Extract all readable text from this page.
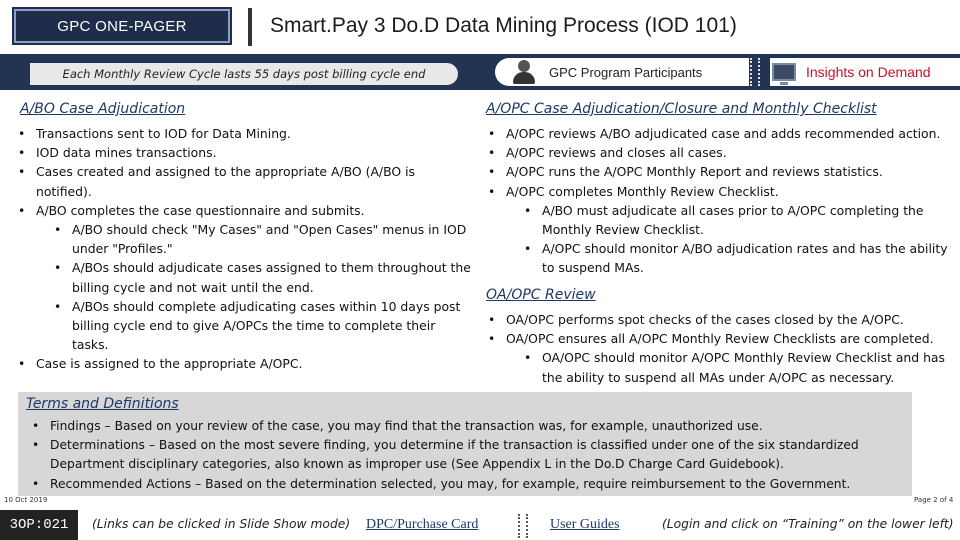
GPC ONE-PAGER	Smart.Pay 3 Do.D Data Mining Process (IOD 101)
Each Monthly Review Cycle lasts 55 days post billing cycle end	GPC Program Participants	Insights on Demand
A/BO Case Adjudication
• Transactions sent to IOD for Data Mining.
• IOD data mines transactions.
• Cases created and assigned to the appropriate A/BO (A/BO is notified).
• A/BO completes the case questionnaire and submits.
• A/BO should check "My Cases" and "Open Cases" menus in IOD under "Profiles."
• A/BOs should adjudicate cases assigned to them throughout the billing cycle and not wait until the end.
• A/BOs should complete adjudicating cases within 10 days post billing cycle end to give A/OPCs the time to complete their tasks.
• Case is assigned to the appropriate A/OPC.
A/OPC Case Adjudication/Closure and Monthly Checklist
• A/OPC reviews A/BO adjudicated case and adds recommended action.
• A/OPC reviews and closes all cases.
• A/OPC runs the A/OPC Monthly Report and reviews statistics.
• A/OPC completes Monthly Review Checklist.
• A/BO must adjudicate all cases prior to A/OPC completing the Monthly Review Checklist.
• A/OPC should monitor A/BO adjudication rates and has the ability to suspend MAs.
OA/OPC Review
• OA/OPC performs spot checks of the cases closed by the A/OPC.
• OA/OPC ensures all A/OPC Monthly Review Checklists are completed.
• OA/OPC should monitor A/OPC Monthly Review Checklist and has the ability to suspend all MAs under A/OPC as necessary.
Terms and Definitions
• Findings – Based on your review of the case, you may find that the transaction was, for example, unauthorized use.
• Determinations – Based on the most severe finding, you determine if the transaction is classified under one of the six standardized Department disciplinary categories, also known as improper use (See Appendix L in the Do.D Charge Card Guidebook).
• Recommended Actions – Based on the determination selected, you may, for example, require reimbursement to the Government.
10 Oct 2019	Page 2 of 4
3OP:021	(Links can be clicked in Slide Show mode) DPC/Purchase Card	User Guides	(Login and click on “Training” on the lower left)
